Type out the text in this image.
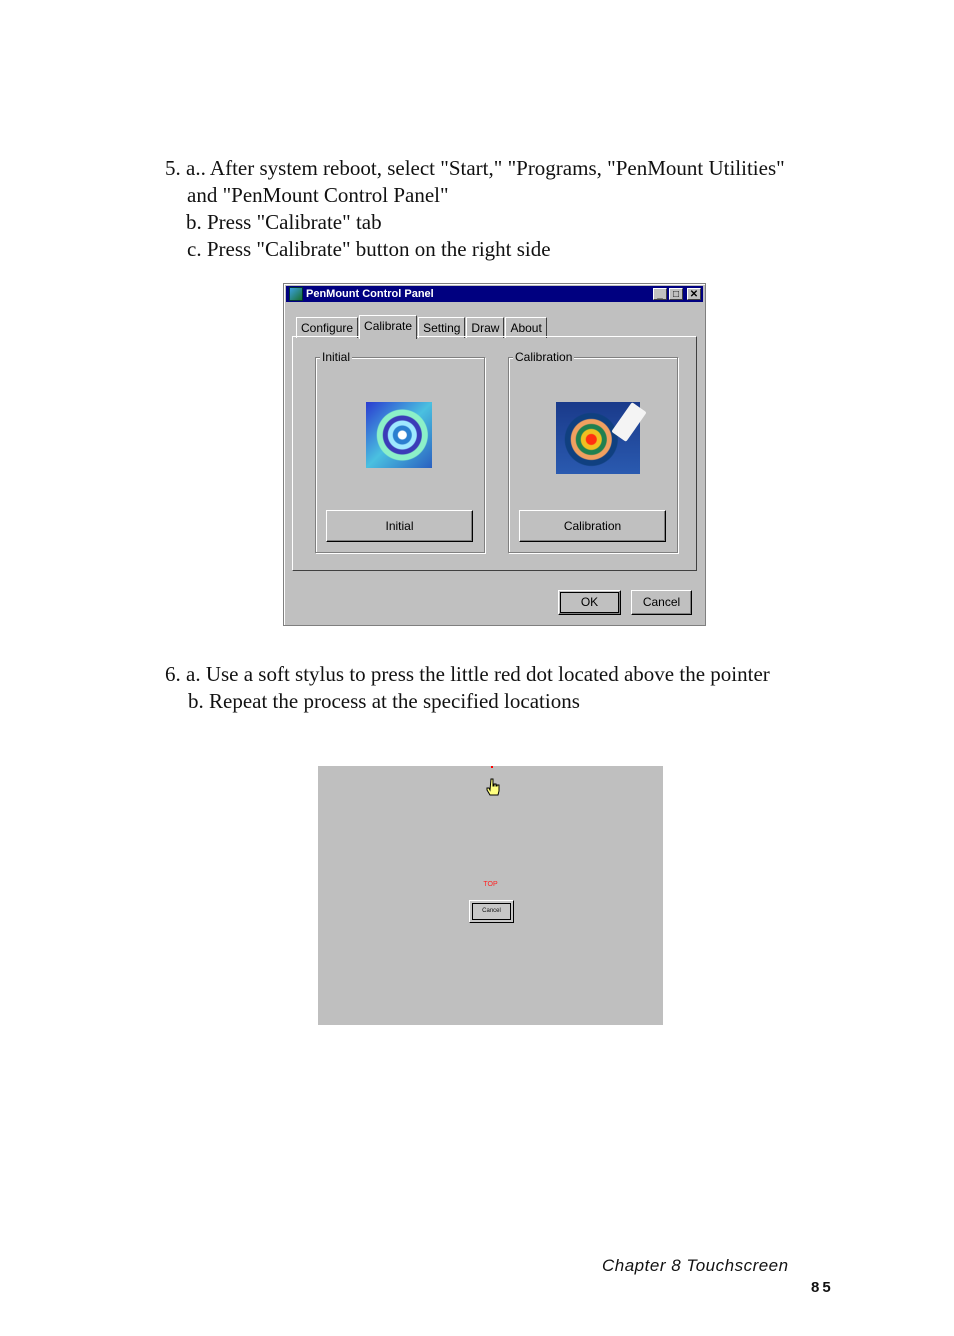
5. a.. After system reboot, select "Start," "Programs, "PenMount Utilities"
and "PenMount Control Panel"
b. Press "Calibrate" tab
c. Press "Calibrate" button on the right side
PenMount Control Panel	_	□	✕
Configure Calibrate Setting Draw About
Initial
Initial
Calibration
Calibration
OK	Cancel
6. a. Use a soft stylus to press the little red dot located above the pointer
b. Repeat the process at the specified locations
TOP
Cancel
Chapter 8 Touchscreen
85
